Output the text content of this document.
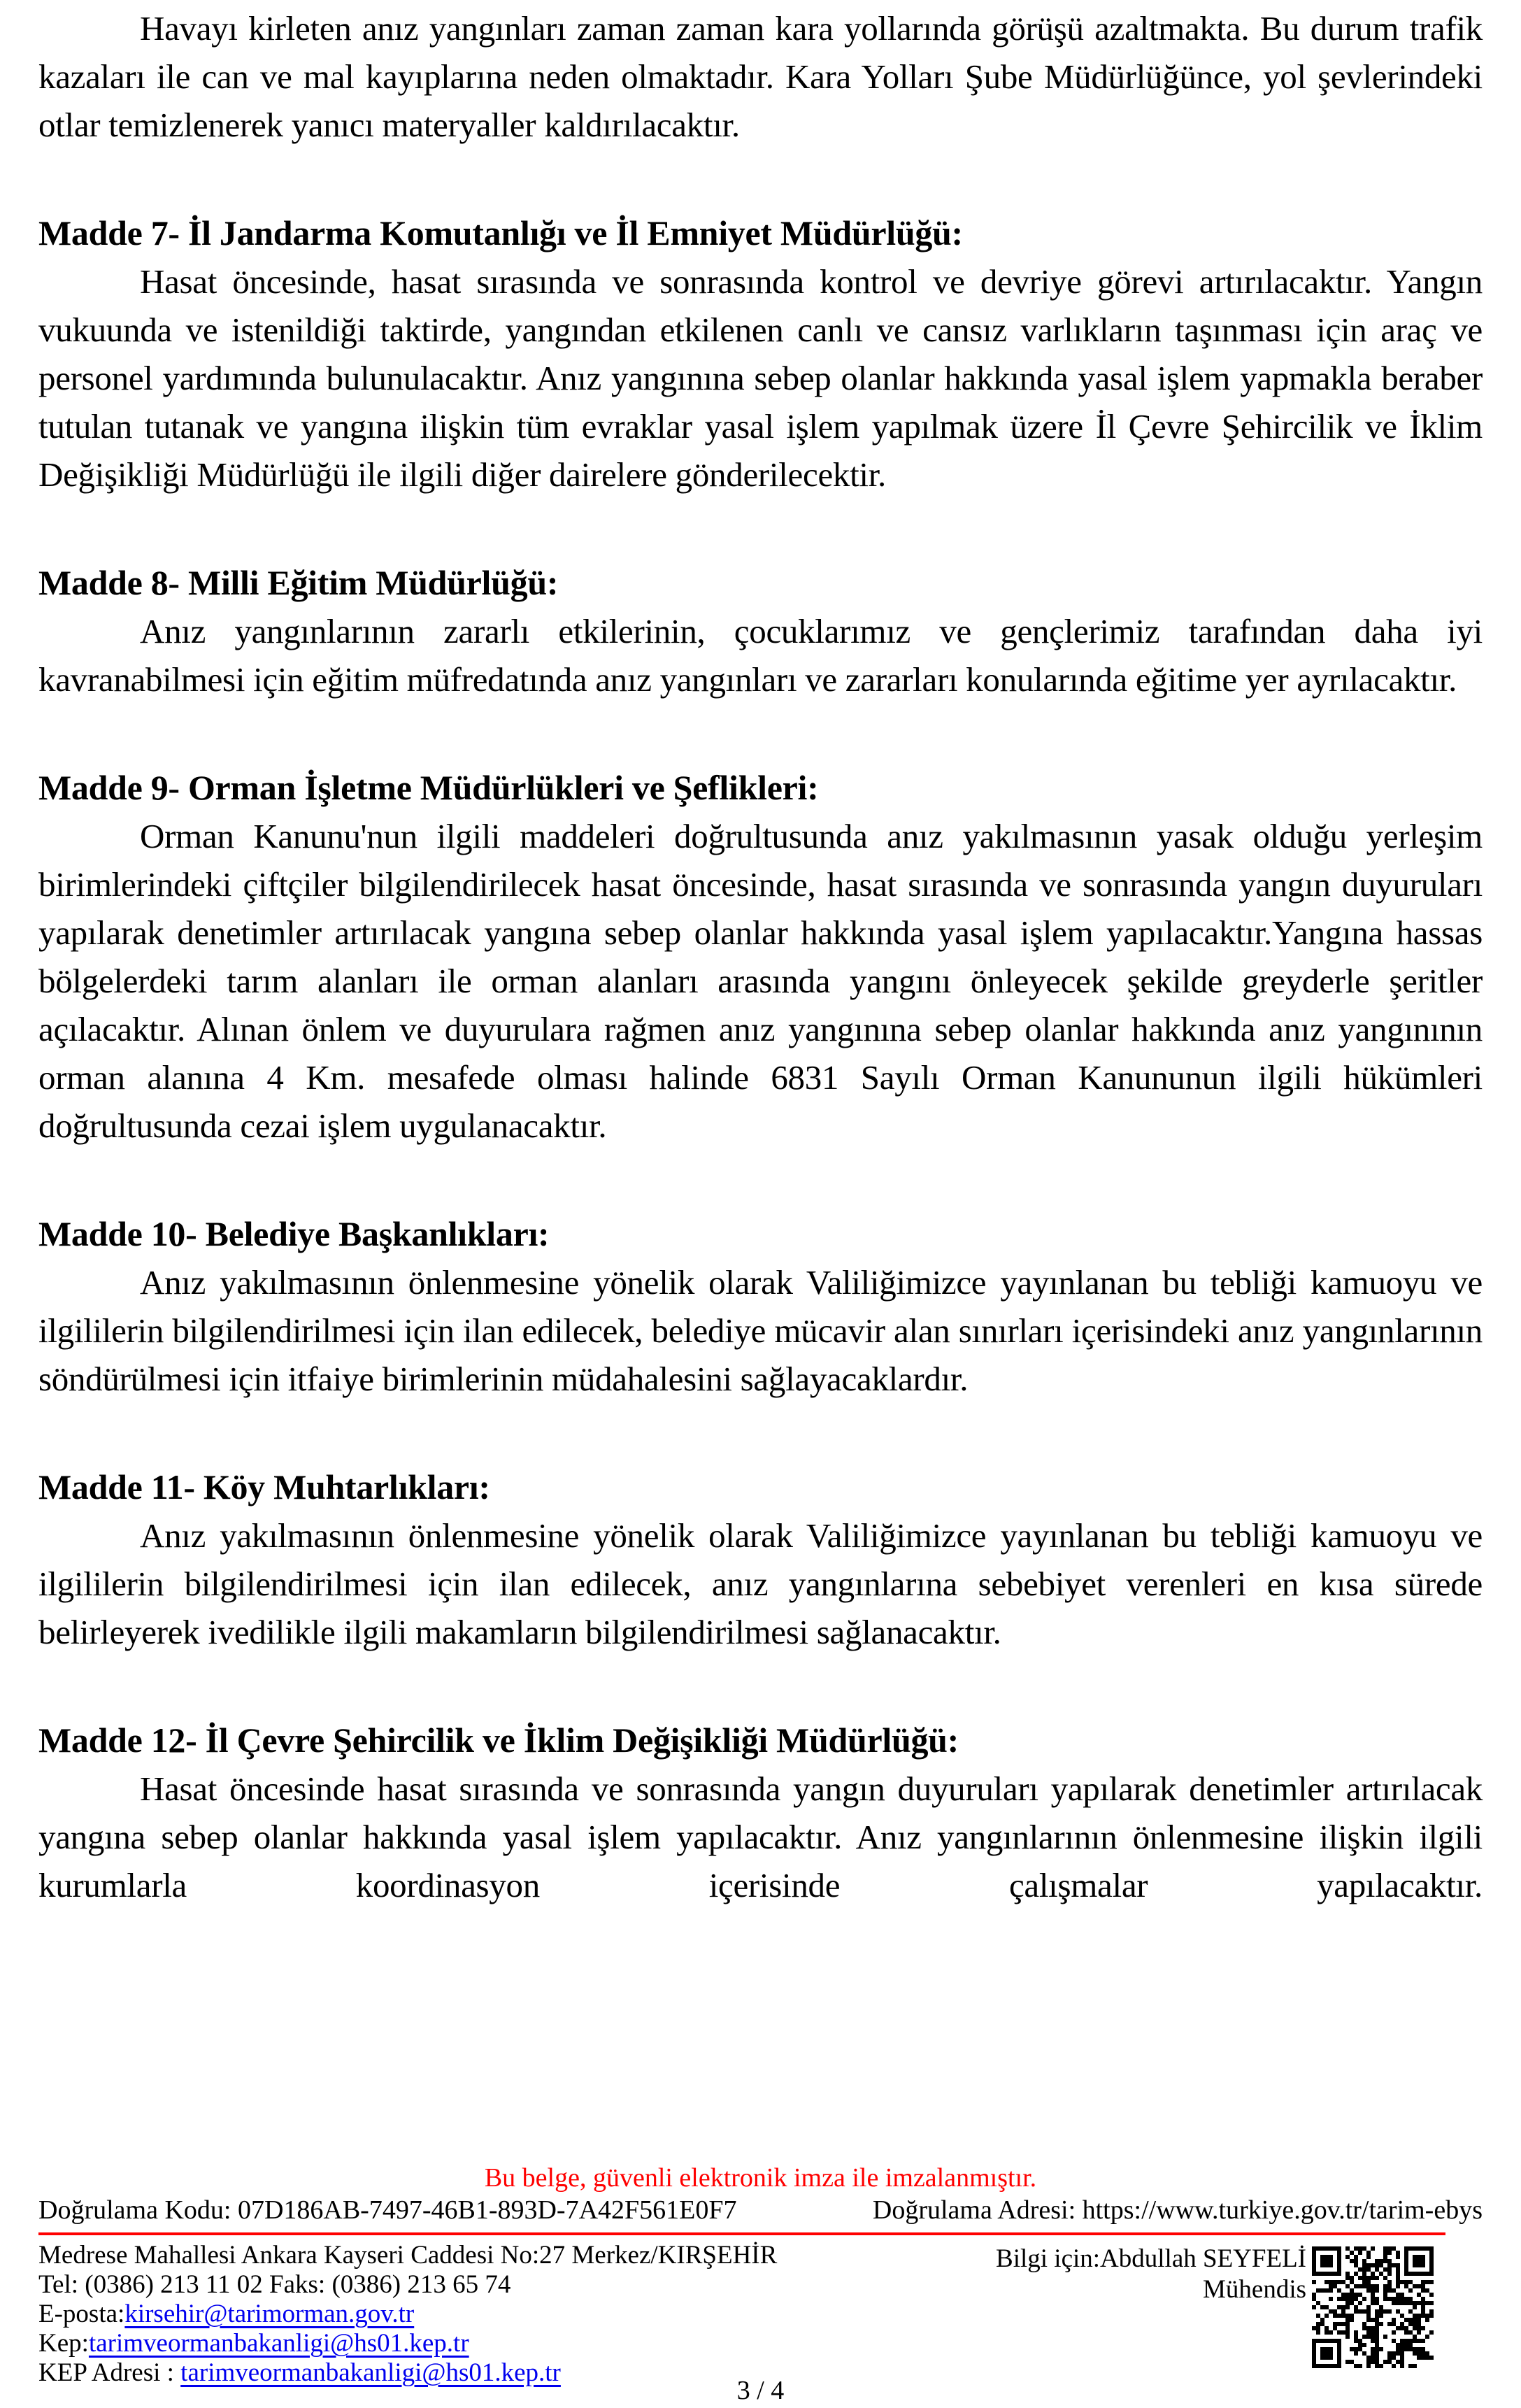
Havayı kirleten anız yangınları zaman zaman kara yollarında görüşü azaltmakta. Bu durum trafik kazaları ile can ve mal kayıplarına neden olmaktadır. Kara Yolları Şube Müdürlüğünce, yol şevlerindeki otlar temizlenerek yanıcı materyaller kaldırılacaktır.

Madde 7- İl Jandarma Komutanlığı ve İl Emniyet Müdürlüğü:

Hasat öncesinde, hasat sırasında ve sonrasında kontrol ve devriye görevi artırılacaktır. Yangın vukuunda ve istenildiği taktirde, yangından etkilenen canlı ve cansız varlıkların taşınması için araç ve personel yardımında bulunulacaktır. Anız yangınına sebep olanlar hakkında yasal işlem yapmakla beraber tutulan tutanak ve yangına ilişkin tüm evraklar yasal işlem yapılmak üzere İl Çevre Şehircilik ve İklim Değişikliği Müdürlüğü ile ilgili diğer dairelere gönderilecektir.

Madde 8- Milli Eğitim Müdürlüğü:

Anız yangınlarının zararlı etkilerinin, çocuklarımız ve gençlerimiz tarafından daha iyi kavranabilmesi için eğitim müfredatında anız yangınları ve zararları konularında eğitime yer ayrılacaktır.

Madde 9- Orman İşletme Müdürlükleri ve Şeflikleri:

Orman Kanunu'nun ilgili maddeleri doğrultusunda anız yakılmasının yasak olduğu yerleşim birimlerindeki çiftçiler bilgilendirilecek hasat öncesinde, hasat sırasında ve sonrasında yangın duyuruları yapılarak denetimler artırılacak yangına sebep olanlar hakkında yasal işlem yapılacaktır.Yangına hassas bölgelerdeki tarım alanları ile orman alanları arasında yangını önleyecek şekilde greyderle şeritler açılacaktır. Alınan önlem ve duyurulara rağmen anız yangınına sebep olanlar hakkında anız yangınının orman alanına 4 Km. mesafede olması halinde 6831 Sayılı Orman Kanununun ilgili hükümleri doğrultusunda cezai işlem uygulanacaktır.

Madde 10- Belediye Başkanlıkları:

Anız yakılmasının önlenmesine yönelik olarak Valiliğimizce yayınlanan bu tebliği kamuoyu ve ilgililerin bilgilendirilmesi için ilan edilecek, belediye mücavir alan sınırları içerisindeki anız yangınlarının söndürülmesi için itfaiye birimlerinin müdahalesini sağlayacaklardır.

Madde 11- Köy Muhtarlıkları:

Anız yakılmasının önlenmesine yönelik olarak Valiliğimizce yayınlanan bu tebliği kamuoyu ve ilgililerin bilgilendirilmesi için ilan edilecek, anız yangınlarına sebebiyet verenleri en kısa sürede belirleyerek ivedilikle ilgili makamların bilgilendirilmesi sağlanacaktır.

Madde 12- İl Çevre Şehircilik ve İklim Değişikliği Müdürlüğü:

Hasat öncesinde hasat sırasında ve sonrasında yangın duyuruları yapılarak denetimler artırılacak yangına sebep olanlar hakkında yasal işlem yapılacaktır. Anız yangınlarının önlenmesine ilişkin ilgili kurumlarla koordinasyon içerisinde çalışmalar yapılacaktır.

Bu belge, güvenli elektronik imza ile imzalanmıştır.
Doğrulama Kodu: 07D186AB-7497-46B1-893D-7A42F561E0F7	Doğrulama Adresi: https://www.turkiye.gov.tr/tarim-ebys
Medrese Mahallesi Ankara Kayseri Caddesi No:27 Merkez/KIRŞEHİR
Tel: (0386) 213 11 02 Faks: (0386) 213 65 74
E-posta:kirsehir@tarimorman.gov.tr
Kep:tarimveormanbakanligi@hs01.kep.tr
KEP Adresi : tarimveormanbakanligi@hs01.kep.tr
Bilgi için:Abdullah SEYFELİ
Mühendis
3 / 4
